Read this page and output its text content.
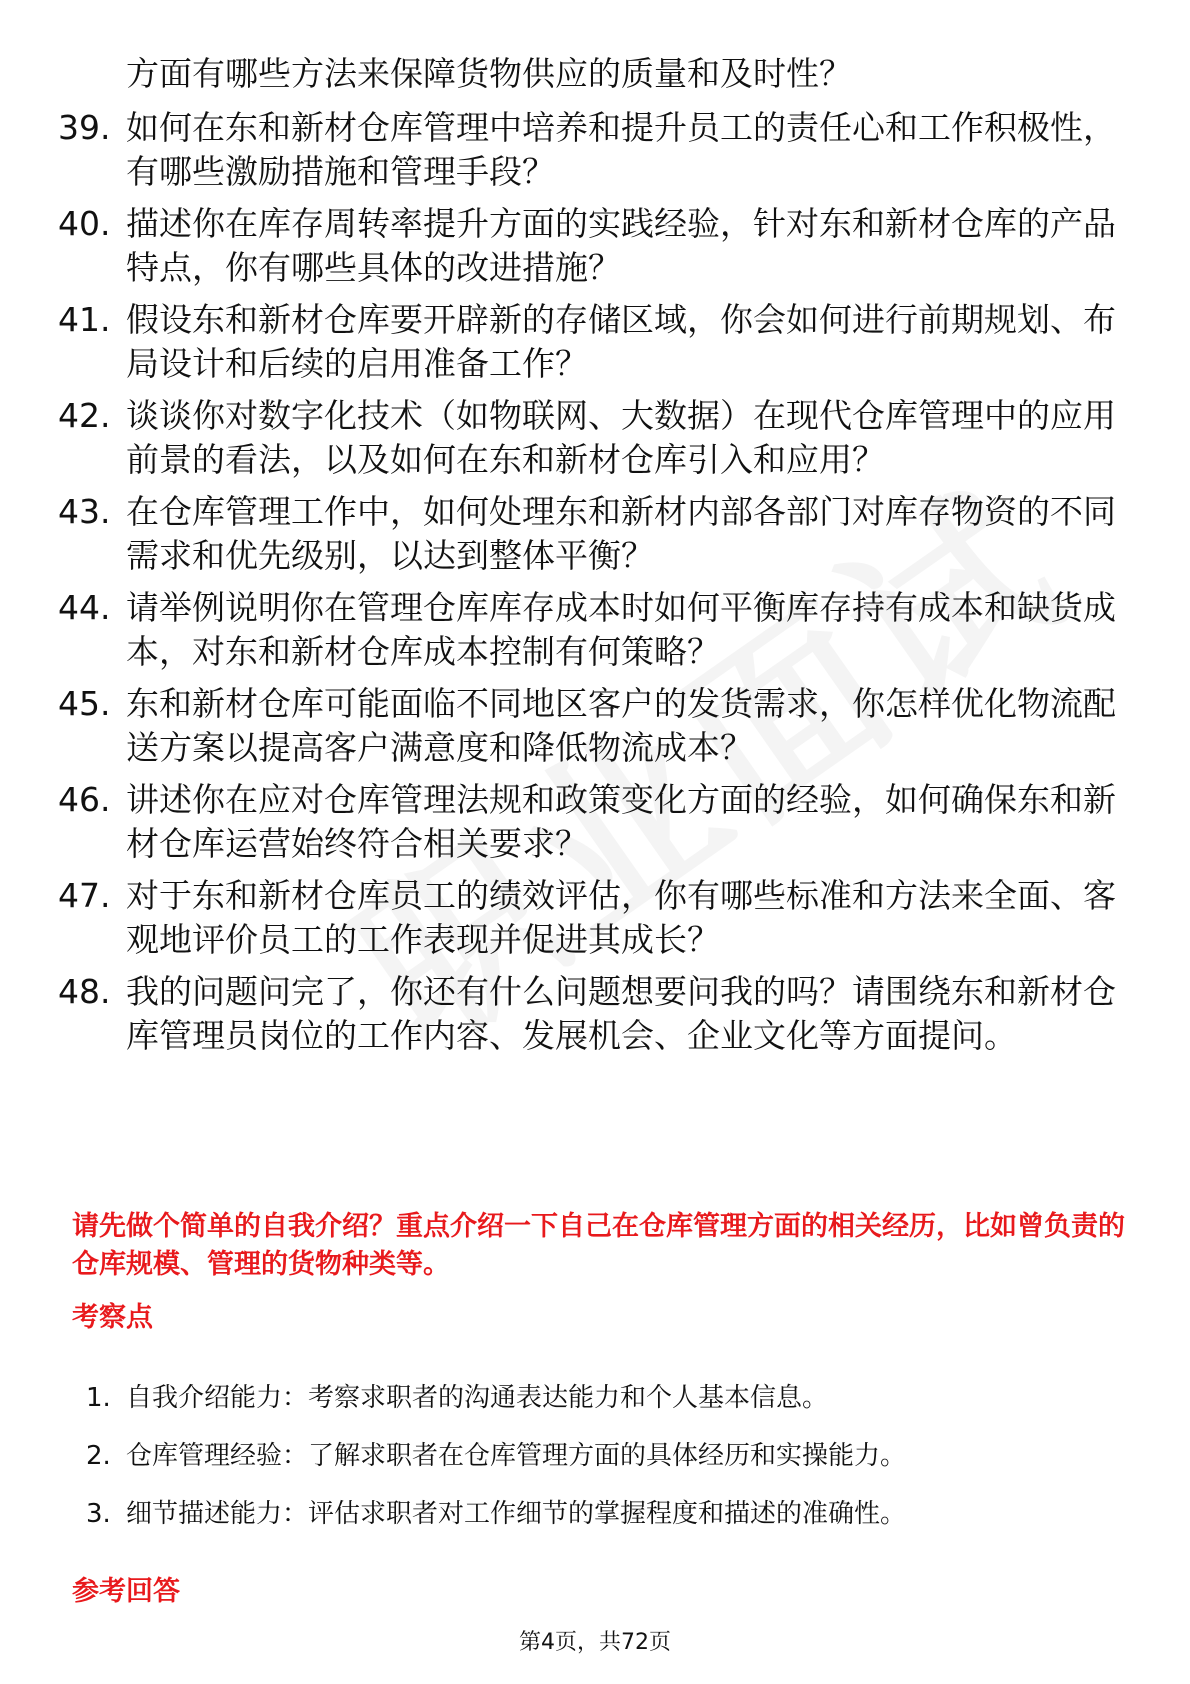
方面有哪些方法来保障货物供应的质量和及时性？
39. 如何在东和新材仓库管理中培养和提升员工的责任心和工作积极性，有哪些激励措施和管理手段？
40. 描述你在库存周转率提升方面的实践经验，针对东和新材仓库的产品特点，你有哪些具体的改进措施？
41. 假设东和新材仓库要开辟新的存储区域，你会如何进行前期规划、布局设计和后续的启用准备工作？
42. 谈谈你对数字化技术（如物联网、大数据）在现代仓库管理中的应用前景的看法，以及如何在东和新材仓库引入和应用？
43. 在仓库管理工作中，如何处理东和新材内部各部门对库存物资的不同需求和优先级别，以达到整体平衡？
44. 请举例说明你在管理仓库库存成本时如何平衡库存持有成本和缺货成本，对东和新材仓库成本控制有何策略？
45. 东和新材仓库可能面临不同地区客户的发货需求，你怎样优化物流配送方案以提高客户满意度和降低物流成本？
46. 讲述你在应对仓库管理法规和政策变化方面的经验，如何确保东和新材仓库运营始终符合相关要求？
47. 对于东和新材仓库员工的绩效评估，你有哪些标准和方法来全面、客观地评价员工的工作表现并促进其成长？
48. 我的问题问完了，你还有什么问题想要问我的吗？请围绕东和新材仓库管理员岗位的工作内容、发展机会、企业文化等方面提问。
请先做个简单的自我介绍？重点介绍一下自己在仓库管理方面的相关经历，比如曾负责的仓库规模、管理的货物种类等。
考察点
1. 自我介绍能力：考察求职者的沟通表达能力和个人基本信息。
2. 仓库管理经验：了解求职者在仓库管理方面的具体经历和实操能力。
3. 细节描述能力：评估求职者对工作细节的掌握程度和描述的准确性。
参考回答
第4页，共72页
